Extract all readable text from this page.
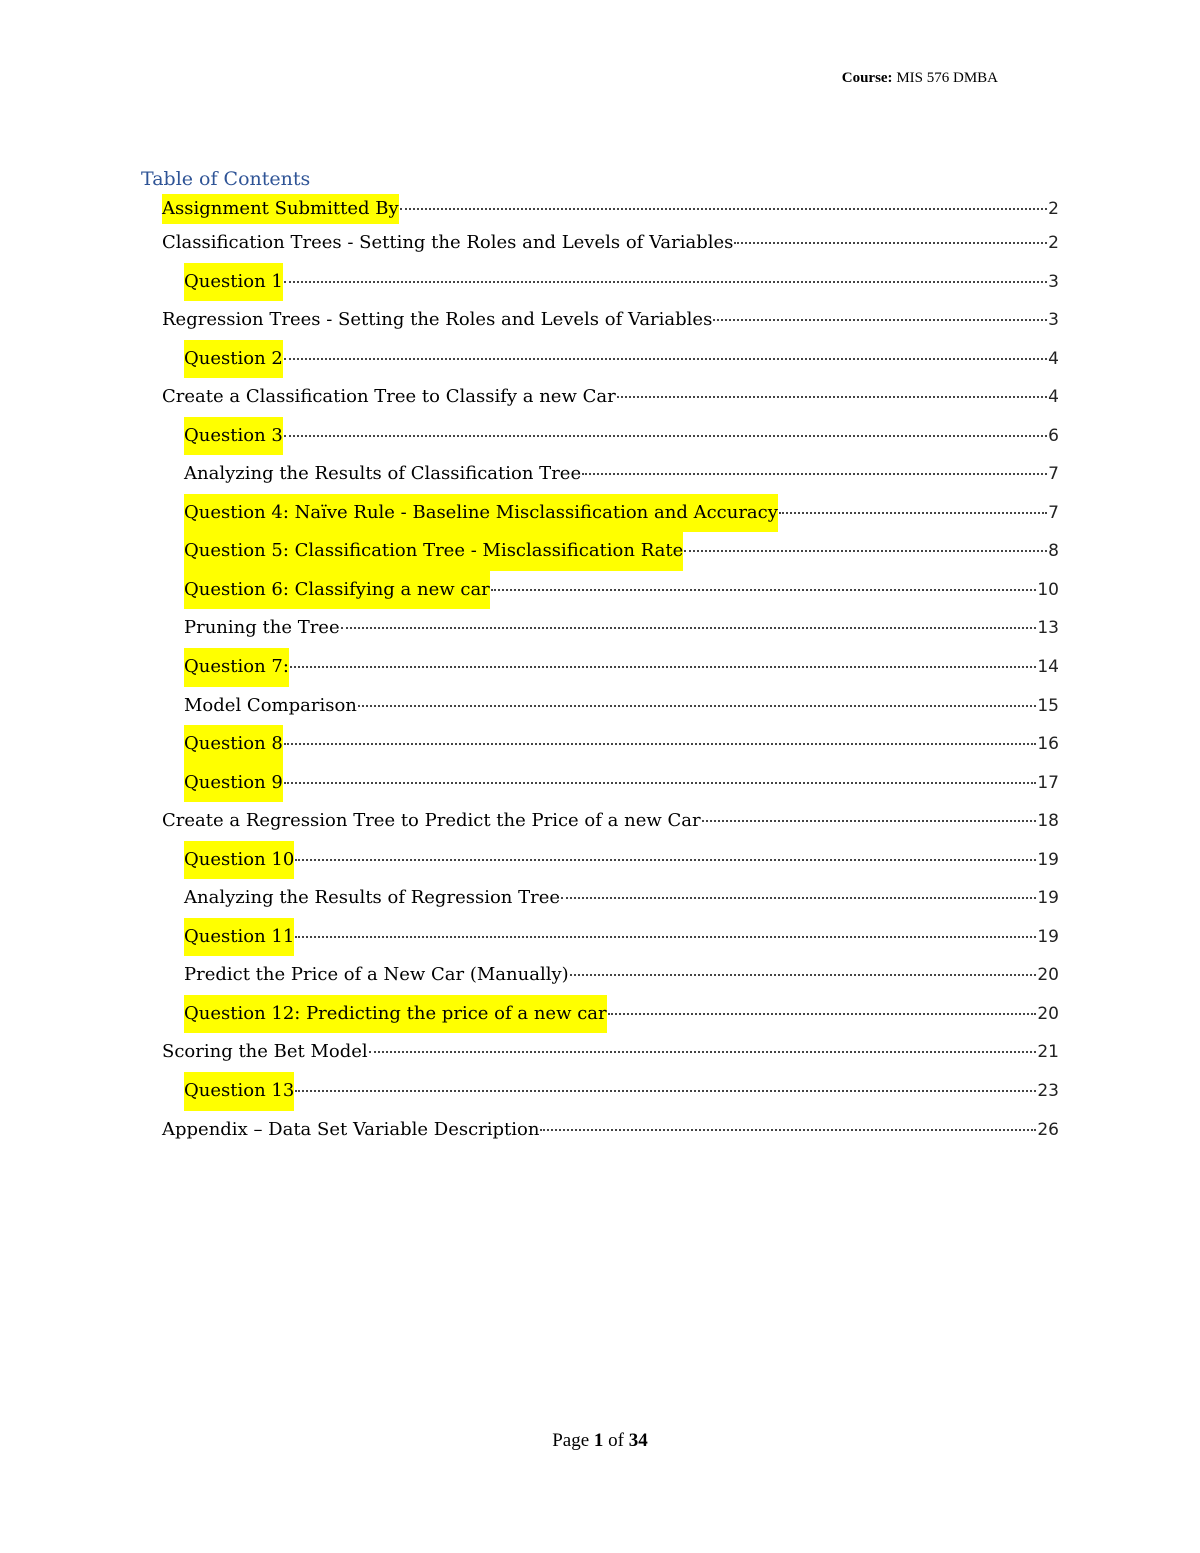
Course: MIS 576 DMBA
Table of Contents
Assignment Submitted By	2
Classification Trees - Setting the Roles and Levels of Variables	2
Question 1	3
Regression Trees - Setting the Roles and Levels of Variables	3
Question 2	4
Create a Classification Tree to Classify a new Car	4
Question 3	6
Analyzing the Results of Classification Tree	7
Question 4: Naïve Rule - Baseline Misclassification and Accuracy	7
Question 5: Classification Tree - Misclassification Rate	8
Question 6: Classifying a new car	10
Pruning the Tree	13
Question 7:	14
Model Comparison	15
Question 8	16
Question 9	17
Create a Regression Tree to Predict the Price of a new Car	18
Question 10	19
Analyzing the Results of Regression Tree	19
Question 11	19
Predict the Price of a New Car (Manually)	20
Question 12: Predicting the price of a new car	20
Scoring the Bet Model	21
Question 13	23
Appendix – Data Set Variable Description	26
Page 1 of 34
